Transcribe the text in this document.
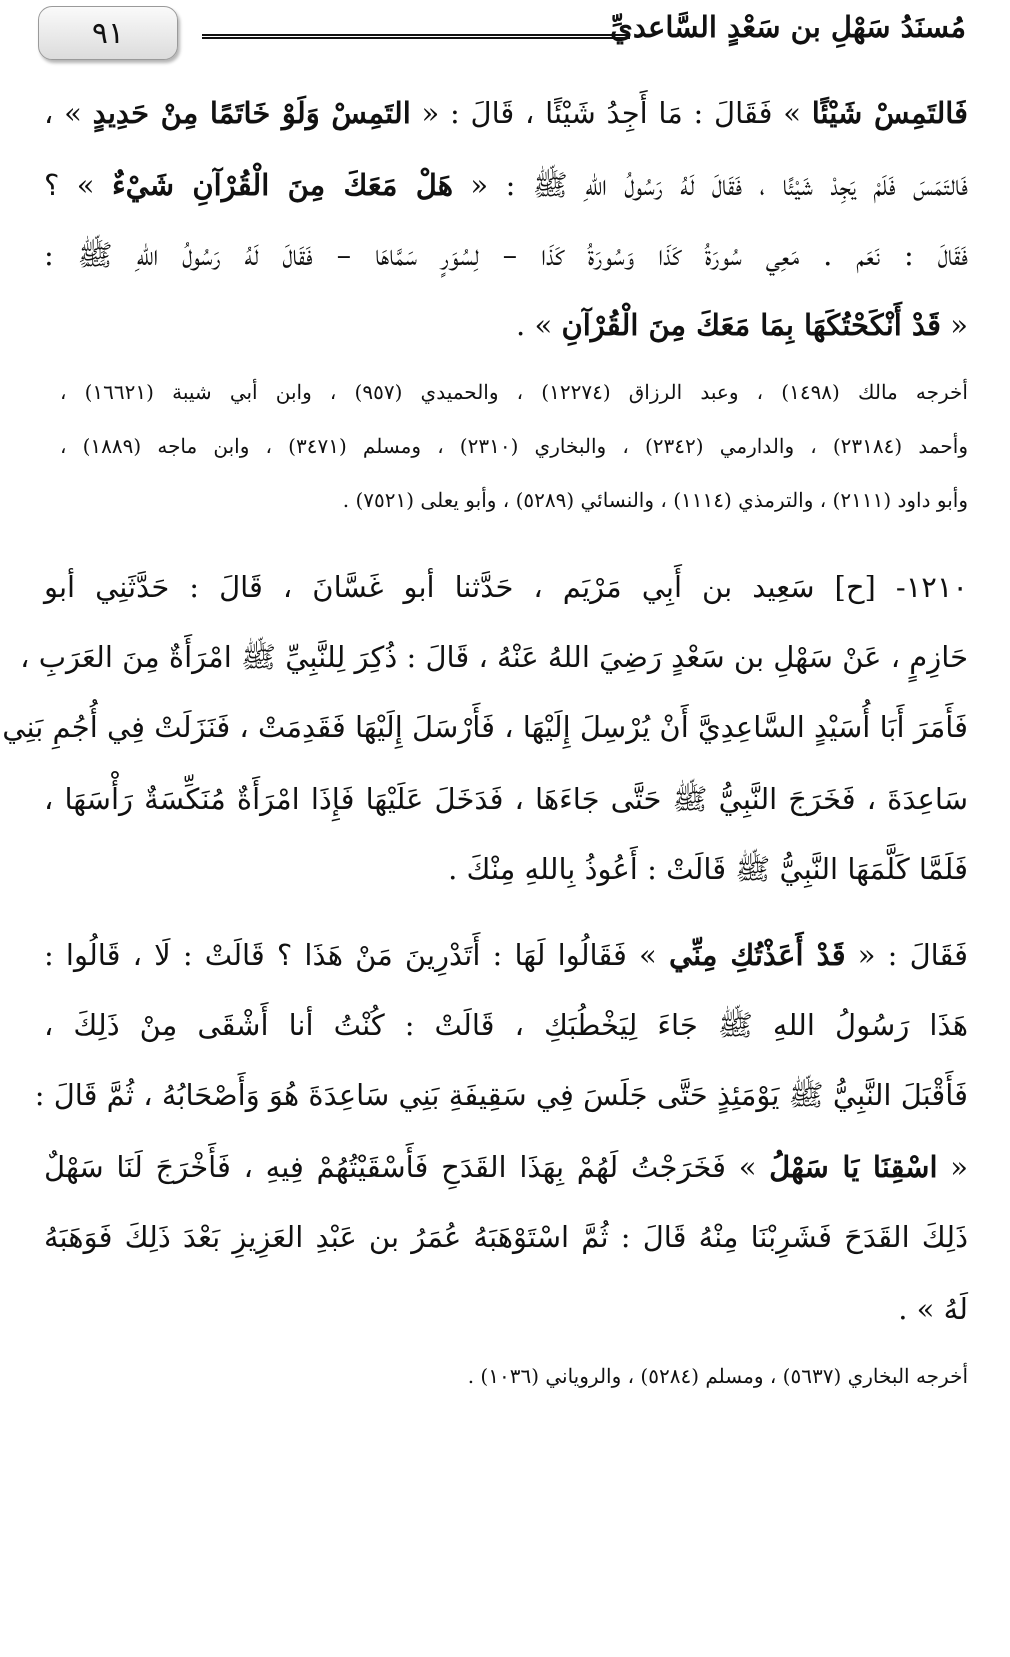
٩١	مُسنَدُ سَهْلِ بن سَعْدٍ السَّاعديِّ
فَالتَمِسْ شَيْئًا » فَقَالَ : مَا أَجِدُ شَيْئًا ، قَالَ : « التَمِسْ وَلَوْ خَاتَمًا مِنْ حَدِيدٍ » ،
فَالتَمَسَ فَلَمْ يَجِدْ شَيْئًا ، فَقَالَ لَهُ رَسُولُ اللهِ ﷺ : « هَلْ مَعَكَ مِنَ الْقُرْآنِ شَيْءٌ » ؟
فَقَالَ : نَعَم . مَعِي سُورَةُ كَذَا وَسُورَةُ كَذَا – لِسُوَرٍ سَمَّاهَا – فَقَالَ لَهُ رَسُولُ اللهِ ﷺ :
« قَدْ أَنْكَحْتُكَهَا بِمَا مَعَكَ مِنَ الْقُرْآنِ » .
أخرجه مالك (١٤٩٨) ، وعبد الرزاق (١٢٢٧٤) ، والحميدي (٩٥٧) ، وابن أبي شيبة (١٦٦٢١) ،
وأحمد (٢٣١٨٤) ، والدارمي (٢٣٤٢) ، والبخاري (٢٣١٠) ، ومسلم (٣٤٧١) ، وابن ماجه (١٨٨٩) ،
وأبو داود (٢١١١) ، والترمذي (١١١٤) ، والنسائي (٥٢٨٩) ، وأبو يعلى (٧٥٢١) .
١٢١٠- [ح] سَعِيد بن أَبِي مَرْيَم ، حَدَّثنا أبو غَسَّانَ ، قَالَ : حَدَّثَنِي أبو
حَازِمٍ ، عَنْ سَهْلِ بن سَعْدٍ رَضِيَ اللهُ عَنْهُ ، قَالَ : ذُكِرَ لِلنَّبِيِّ ﷺ امْرَأَةٌ مِنَ العَرَبِ ،
فَأَمَرَ أَبَا أُسَيْدٍ السَّاعِدِيَّ أَنْ يُرْسِلَ إِلَيْهَا ، فَأَرْسَلَ إِلَيْهَا فَقَدِمَتْ ، فَنَزَلَتْ فِي أُجُمِ بَنِي
سَاعِدَةَ ، فَخَرَجَ النَّبِيُّ ﷺ حَتَّى جَاءَهَا ، فَدَخَلَ عَلَيْهَا فَإِذَا امْرَأَةٌ مُنَكِّسَةٌ رَأْسَهَا ،
فَلَمَّا كَلَّمَهَا النَّبِيُّ ﷺ قَالَتْ : أَعُوذُ بِاللهِ مِنْكَ .
فَقَالَ : « قَدْ أَعَذْتُكِ مِنِّي » فَقَالُوا لَهَا : أَتَدْرِينَ مَنْ هَذَا ؟ قَالَتْ : لَا ، قَالُوا :
هَذَا رَسُولُ اللهِ ﷺ جَاءَ لِيَخْطُبَكِ ، قَالَتْ : كُنْتُ أنا أَشْقَى مِنْ ذَلِكَ ،
فَأَقْبَلَ النَّبِيُّ ﷺ يَوْمَئِذٍ حَتَّى جَلَسَ فِي سَقِيفَةِ بَنِي سَاعِدَةَ هُوَ وَأَصْحَابُهُ ، ثُمَّ قَالَ :
« اسْقِنَا يَا سَهْلُ » فَخَرَجْتُ لَهُمْ بِهَذَا القَدَحِ فَأَسْقَيْتُهُمْ فِيهِ ، فَأَخْرَجَ لَنَا سَهْلٌ
ذَلِكَ القَدَحَ فَشَرِبْنَا مِنْهُ قَالَ : ثُمَّ اسْتَوْهَبَهُ عُمَرُ بن عَبْدِ العَزِيزِ بَعْدَ ذَلِكَ فَوَهَبَهُ
لَهُ » .
أخرجه البخاري (٥٦٣٧) ، ومسلم (٥٢٨٤) ، والروياني (١٠٣٦) .
